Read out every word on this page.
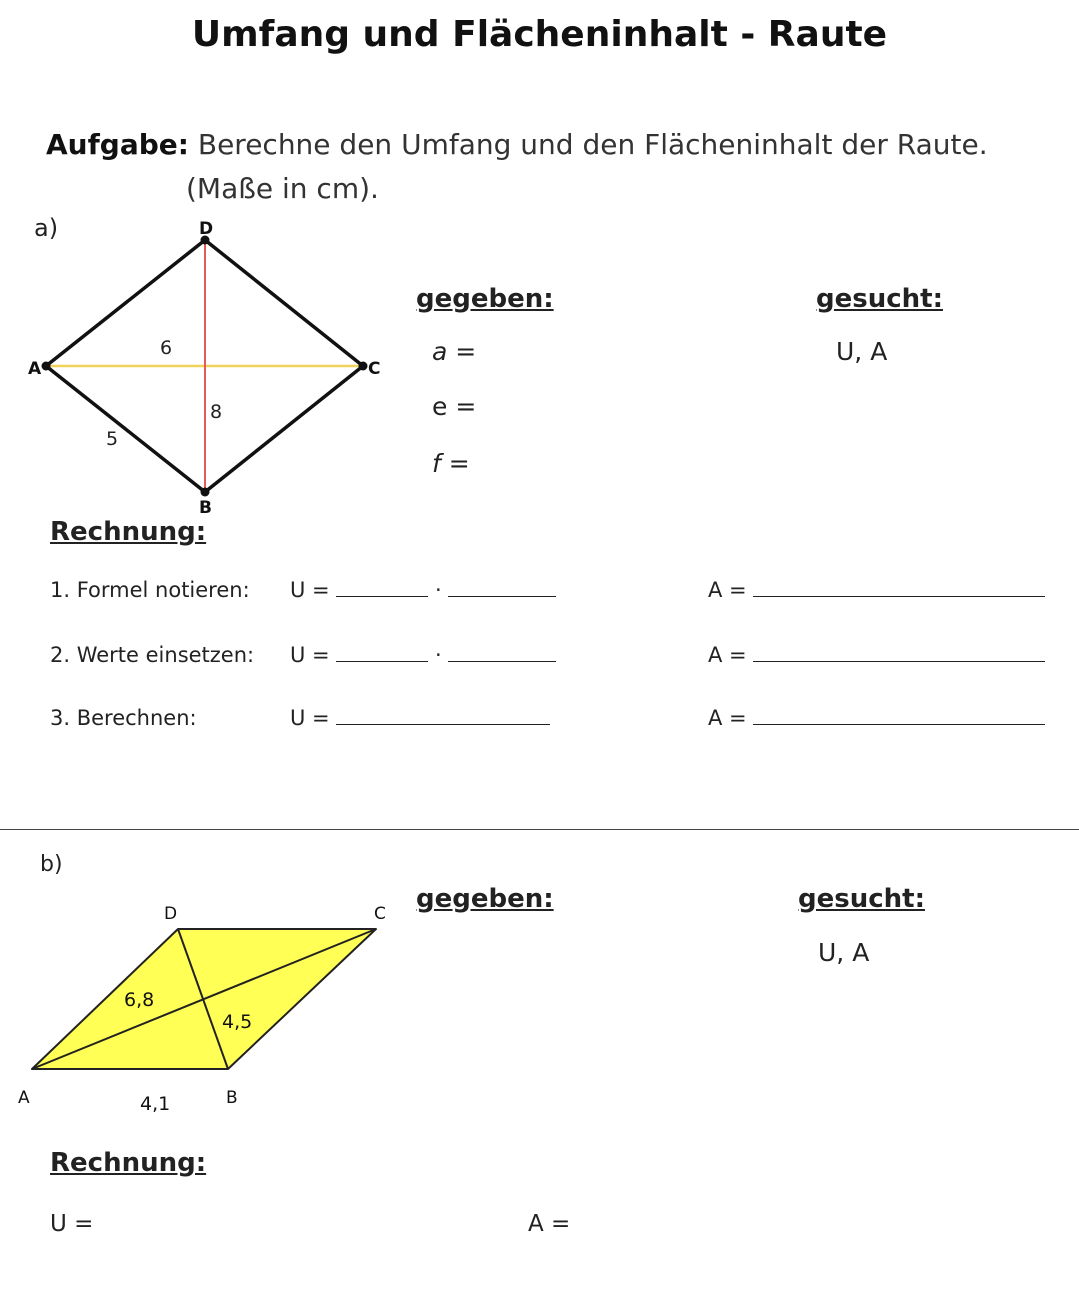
Umfang und Flächeninhalt - Raute
Aufgabe: Berechne den Umfang und den Flächeninhalt der Raute.
(Maße in cm).
a)
A
B
C
D
6
8
5
gegeben:	gesucht:
a =
e =
f =
U, A
Rechnung:
1. Formel notieren: U =	·	A =
2. Werte einsetzen: U =	·	A =
3. Berechnen:	U =	A =
b)
A	B
C
D
6,8
4,5
4,1
gegeben:	gesucht:
U, A
Rechnung:
U =	A =
